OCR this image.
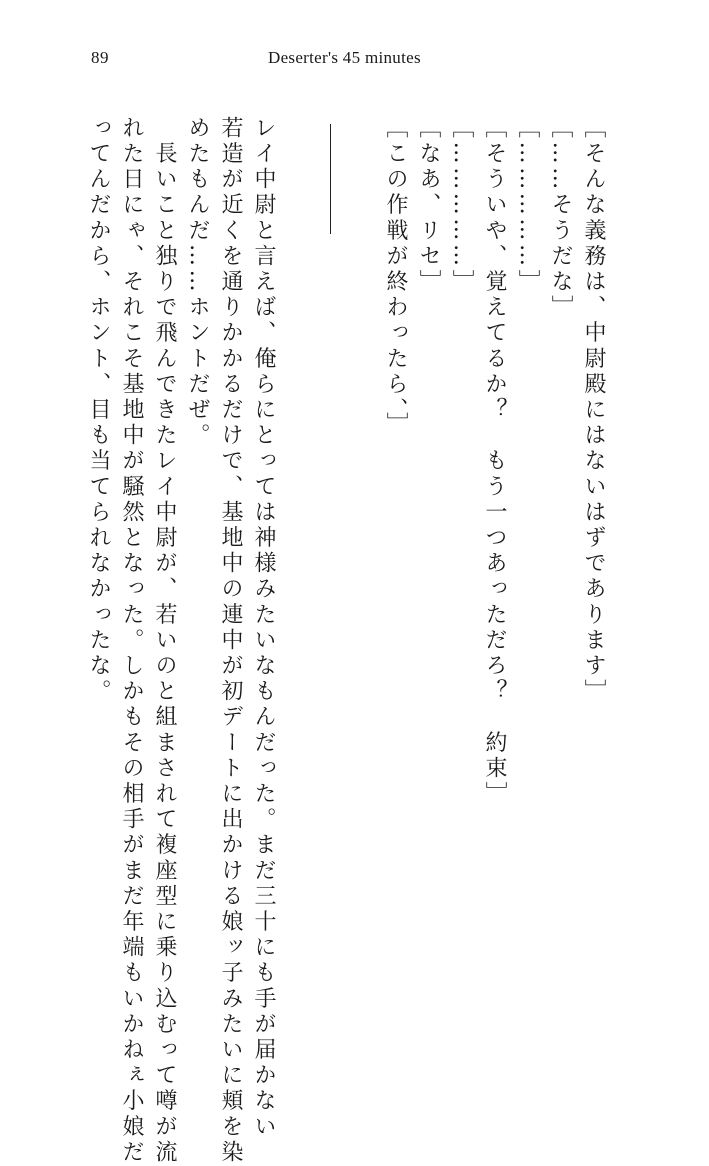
89	Deserter's 45 minutes
［そんな義務は、中尉殿にはないはずであります］
［……そうだな］
［……………］
［そういや、覚えてるか？　もう一つあっただろ？　約束］
［……………］
［なあ、リセ］
［この作戦が終わったら、］
レイ中尉と言えば、俺らにとっては神様みたいなもんだった。まだ三十にも手が届かない
若造が近くを通りかかるだけで、基地中の連中が初デートに出かける娘ッ子みたいに頬を染
めたもんだ……ホントだぜ。
　長いこと独りで飛んできたレイ中尉が、若いのと組まされて複座型に乗り込むって噂が流
れた日にゃ、それこそ基地中が騒然となった。しかもその相手がまだ年端もいかねぇ小娘だ
ってんだから、ホント、目も当てられなかったな。
